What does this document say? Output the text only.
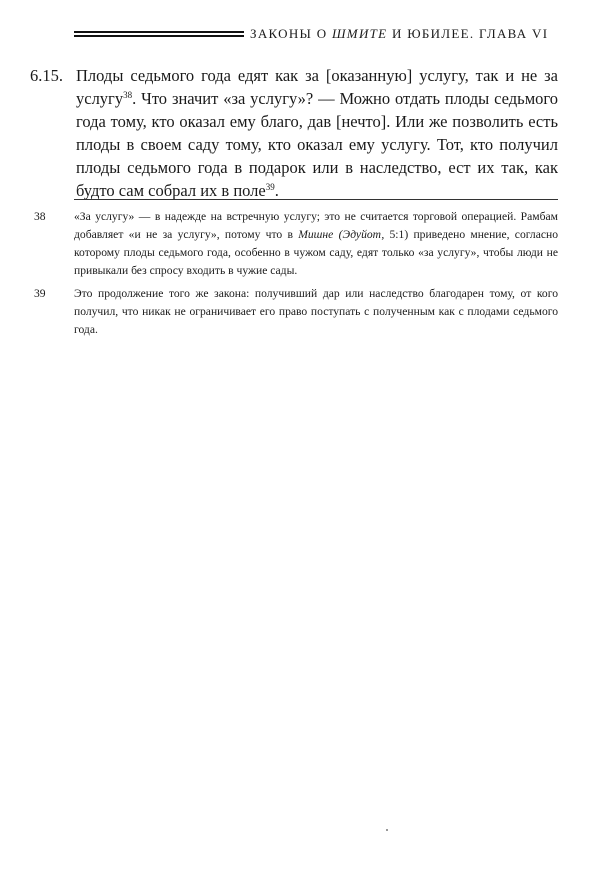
ЗАКОНЫ О ШМИТЕ И ЮБИЛЕЕ. ГЛАВА VI
6.15. Плоды седьмого года едят как за [оказанную] услугу, так и не за услугу$^{38}$. Что значит «за услугу»? — Можно отдать плоды седьмого года тому, кто оказал ему благо, дав [нечто]. Или же позволить есть плоды в своем саду тому, кто оказал ему услугу. Тот, кто получил плоды седьмого года в подарок или в наследство, ест их так, как будто сам собрал их в поле$^{39}$.
38	«За услугу» — в надежде на встречную услугу; это не считается торговой операцией. Рамбам добавляет «и не за услугу», потому что в Мишне (Эдуйот, 5:1) приведено мнение, согласно которому плоды седьмого года, особенно в чужом саду, едят только «за услугу», чтобы люди не привыкали без спросу входить в чужие сады.
39	Это продолжение того же закона: получивший дар или наследство благодарен тому, от кого получил, что никак не ограничивает его право поступать с полученным как с плодами седьмого года.
